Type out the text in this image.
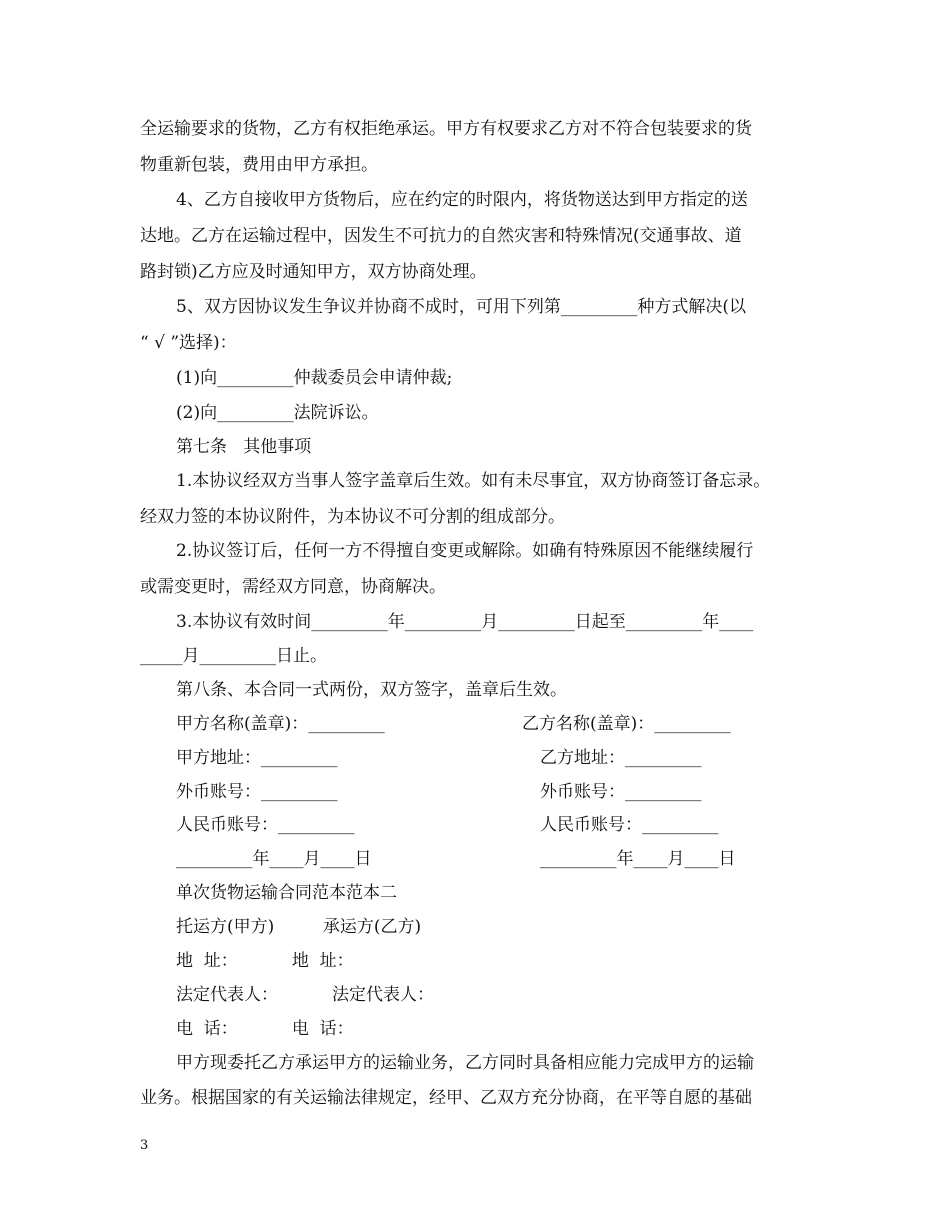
全运输要求的货物，乙方有权拒绝承运。甲方有权要求乙方对不符合包装要求的货
物重新包装，费用由甲方承担。
4、乙方自接收甲方货物后，应在约定的时限内，将货物送达到甲方指定的送
达地。乙方在运输过程中，因发生不可抗力的自然灾害和特殊情况(交通事故、道
路封锁)乙方应及时通知甲方，双方协商处理。
5、双方因协议发生争议并协商不成时，可用下列第_________种方式解决(以
“ √ ”选择)：
(1)向_________仲裁委员会申请仲裁;
(2)向_________法院诉讼。
第七条   其他事项
1.本协议经双方当事人签字盖章后生效。如有未尽事宜，双方协商签订备忘录。
经双力签的本协议附件，为本协议不可分割的组成部分。
2.协议签订后，任何一方不得擅自变更或解除。如确有特殊原因不能继续履行
或需变更时，需经双方同意，协商解决。
3.本协议有效时间_________年_________月_________日起至_________年____
_____月_________日止。
第八条、本合同一式两份，双方签字，盖章后生效。
甲方名称(盖章)：_________	乙方名称(盖章)：_________
甲方地址：_________	乙方地址：_________
外币账号：_________	外币账号：_________
人民币账号：_________	人民币账号：_________
_________年____月____日	_________年____月____日
单次货物运输合同范本范本二
托运方(甲方)         承运方(乙方)
地  址：          地  址：
法定代表人：          法定代表人：
电  话：          电  话：
甲方现委托乙方承运甲方的运输业务，乙方同时具备相应能力完成甲方的运输
业务。根据国家的有关运输法律规定，经甲、乙双方充分协商，在平等自愿的基础
3
